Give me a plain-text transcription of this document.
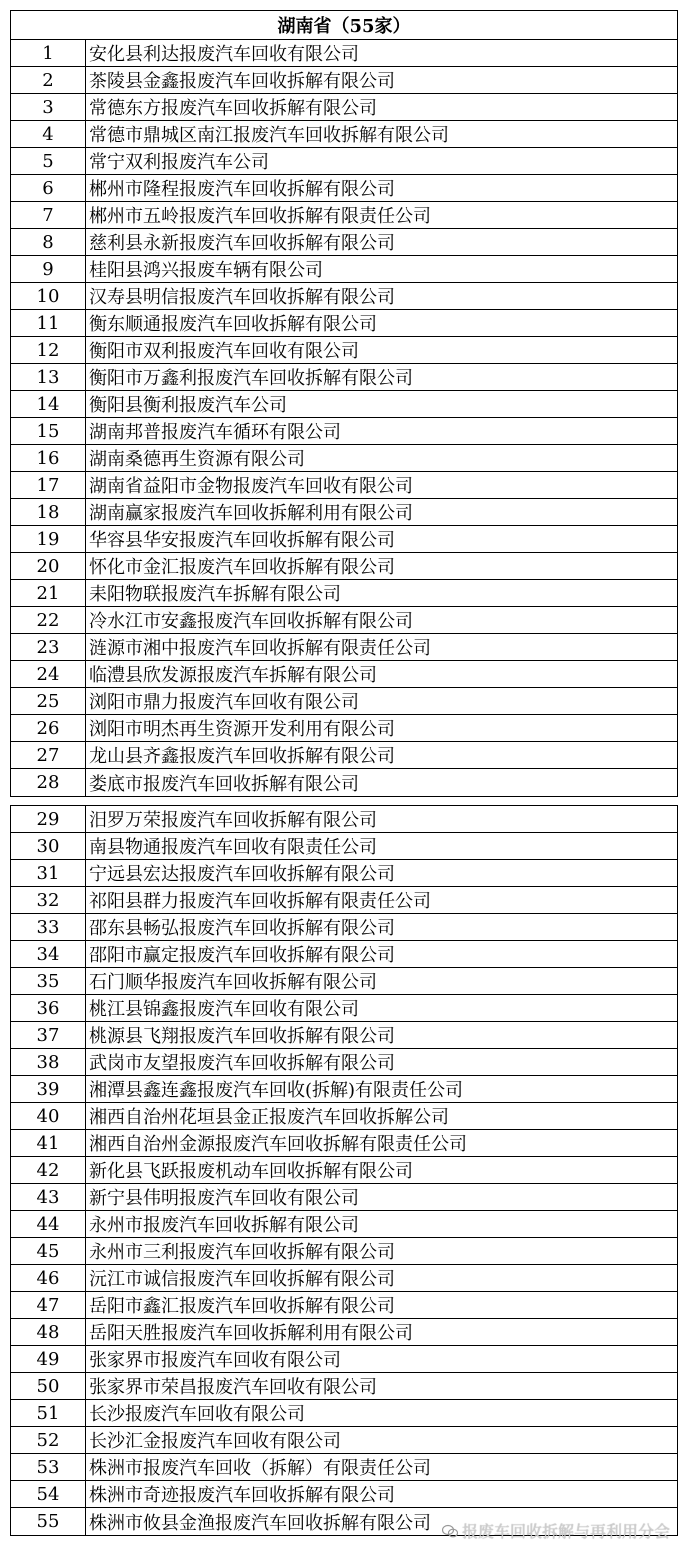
湖南省（55家）
1	安化县利达报废汽车回收有限公司
2	茶陵县金鑫报废汽车回收拆解有限公司
3	常德东方报废汽车回收拆解有限公司
4	常德市鼎城区南江报废汽车回收拆解有限公司
5	常宁双利报废汽车公司
6	郴州市隆程报废汽车回收拆解有限公司
7	郴州市五岭报废汽车回收拆解有限责任公司
8	慈利县永新报废汽车回收拆解有限公司
9	桂阳县鸿兴报废车辆有限公司
10	汉寿县明信报废汽车回收拆解有限公司
11	衡东顺通报废汽车回收拆解有限公司
12	衡阳市双利报废汽车回收有限公司
13	衡阳市万鑫利报废汽车回收拆解有限公司
14	衡阳县衡利报废汽车公司
15	湖南邦普报废汽车循环有限公司
16	湖南桑德再生资源有限公司
17	湖南省益阳市金物报废汽车回收有限公司
18	湖南赢家报废汽车回收拆解利用有限公司
19	华容县华安报废汽车回收拆解有限公司
20	怀化市金汇报废汽车回收拆解有限公司
21	耒阳物联报废汽车拆解有限公司
22	冷水江市安鑫报废汽车回收拆解有限公司
23	涟源市湘中报废汽车回收拆解有限责任公司
24	临澧县欣发源报废汽车拆解有限公司
25	浏阳市鼎力报废汽车回收有限公司
26	浏阳市明杰再生资源开发利用有限公司
27	龙山县齐鑫报废汽车回收拆解有限公司
28	娄底市报废汽车回收拆解有限公司
29	汨罗万荣报废汽车回收拆解有限公司
30	南县物通报废汽车回收有限责任公司
31	宁远县宏达报废汽车回收拆解有限公司
32	祁阳县群力报废汽车回收拆解有限责任公司
33	邵东县畅弘报废汽车回收拆解有限公司
34	邵阳市赢定报废汽车回收拆解有限公司
35	石门顺华报废汽车回收拆解有限公司
36	桃江县锦鑫报废汽车回收有限公司
37	桃源县飞翔报废汽车回收拆解有限公司
38	武岗市友望报废汽车回收拆解有限公司
39	湘潭县鑫连鑫报废汽车回收(拆解)有限责任公司
40	湘西自治州花垣县金正报废汽车回收拆解公司
41	湘西自治州金源报废汽车回收拆解有限责任公司
42	新化县飞跃报废机动车回收拆解有限公司
43	新宁县伟明报废汽车回收有限公司
44	永州市报废汽车回收拆解有限公司
45	永州市三利报废汽车回收拆解有限公司
46	沅江市诚信报废汽车回收拆解有限公司
47	岳阳市鑫汇报废汽车回收拆解有限公司
48	岳阳天胜报废汽车回收拆解利用有限公司
49	张家界市报废汽车回收有限公司
50	张家界市荣昌报废汽车回收有限公司
51	长沙报废汽车回收有限公司
52	长沙汇金报废汽车回收有限公司
53	株洲市报废汽车回收（拆解）有限责任公司
54	株洲市奇迹报废汽车回收拆解有限公司
55	株洲市攸县金渔报废汽车回收拆解有限公司	报废车回收拆解与再利用分会
